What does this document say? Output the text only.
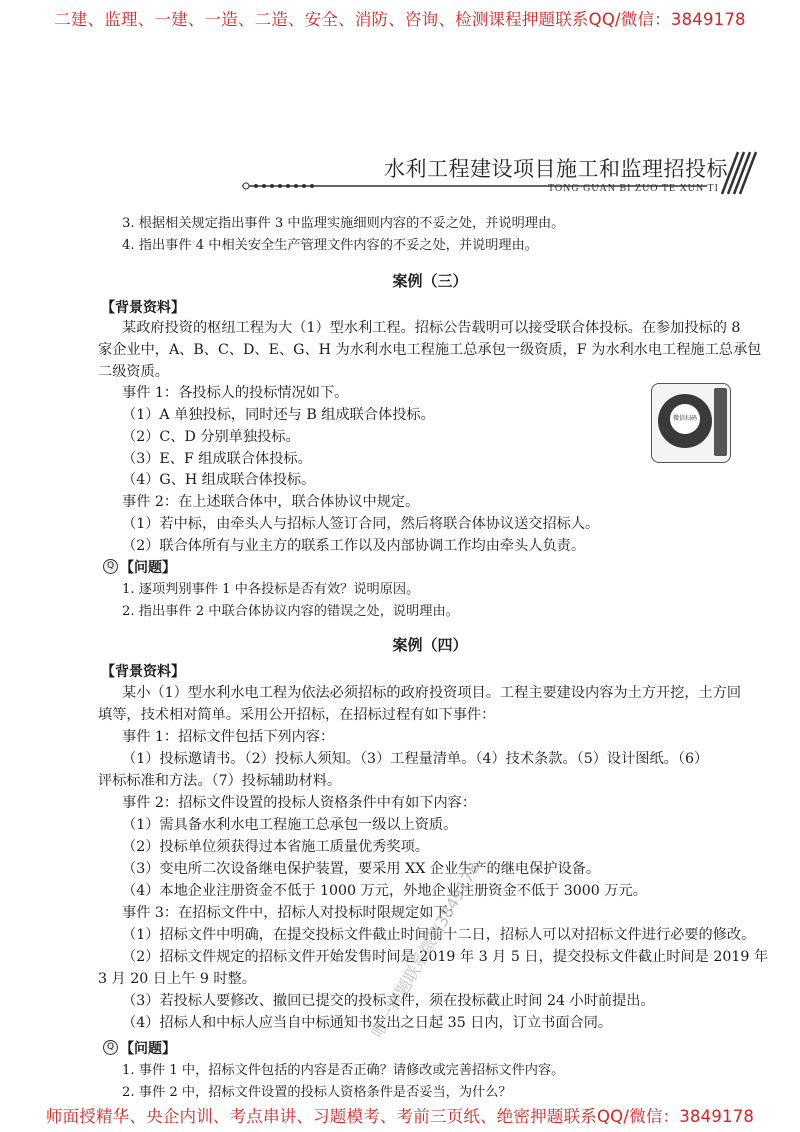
二建、监理、一建、一造、二造、安全、消防、咨询、检测课程押题联系QQ/微信：3849178
水利工程建设项目施工和监理招投标
TONG GUAN BI ZUO TE XUN TI
3. 根据相关规定指出事件 3 中监理实施细则内容的不妥之处，并说明理由。
4. 指出事件 4 中相关安全生产管理文件内容的不妥之处，并说明理由。
案例（三）
【背景资料】
某政府投资的枢纽工程为大（1）型水利工程。招标公告载明可以接受联合体投标。在参加投标的 8
家企业中，A、B、C、D、E、G、H 为水利水电工程施工总承包一级资质，F 为水利水电工程施工总承包
二级资质。
事件 1：各投标人的投标情况如下。
（1）A 单独投标，同时还与 B 组成联合体投标。
（2）C、D 分别单独投标。
（3）E、F 组成联合体投标。
（4）G、H 组成联合体投标。
事件 2：在上述联合体中，联合体协议中规定。
（1）若中标，由牵头人与招标人签订合同，然后将联合体协议送交招标人。
（2）联合体所有与业主方的联系工作以及内部协调工作均由牵头人负责。
微信扫码
Q 【问题】
1. 逐项判别事件 1 中各投标是否有效？说明原因。
2. 指出事件 2 中联合体协议内容的错误之处，说明理由。
案例（四）
【背景资料】
某小（1）型水利水电工程为依法必须招标的政府投资项目。工程主要建设内容为土方开挖，土方回
填等，技术相对简单。采用公开招标，在招标过程有如下事件：
事件 1：招标文件包括下列内容：
（1）投标邀请书。（2）投标人须知。（3）工程量清单。（4）技术条款。（5）设计图纸。（6）
评标标准和方法。（7）投标辅助材料。
事件 2：招标文件设置的投标人资格条件中有如下内容：
（1）需具备水利水电工程施工总承包一级以上资质。
（2）投标单位须获得过本省施工质量优秀奖项。
（3）变电所二次设备继电保护装置，要采用 XX 企业生产的继电保护设备。
（4）本地企业注册资金不低于 1000 万元，外地企业注册资金不低于 3000 万元。
事件 3：在招标文件中，招标人对投标时限规定如下：
（1）招标文件中明确，在提交投标文件截止时间前十二日，招标人可以对招标文件进行必要的修改。
（2）招标文件规定的招标文件开始发售时间是 2019 年 3 月 5 日，提交投标文件截止时间是 2019 年
3 月 20 日上午 9 时整。
（3）若投标人要修改、撤回已提交的投标文件，须在投标截止时间 24 小时前提出。
（4）招标人和中标人应当自中标通知书发出之日起 35 日内，订立书面合同。
Q 【问题】
1. 事件 1 中，招标文件包括的内容是否正确？请修改或完善招标文件内容。
2. 事件 2 中，招标文件设置的投标人资格条件是否妥当，为什么？
唯一押题联系微信3849178
师面授精华、央企内训、考点串讲、习题模考、考前三页纸、绝密押题联系QQ/微信：3849178
